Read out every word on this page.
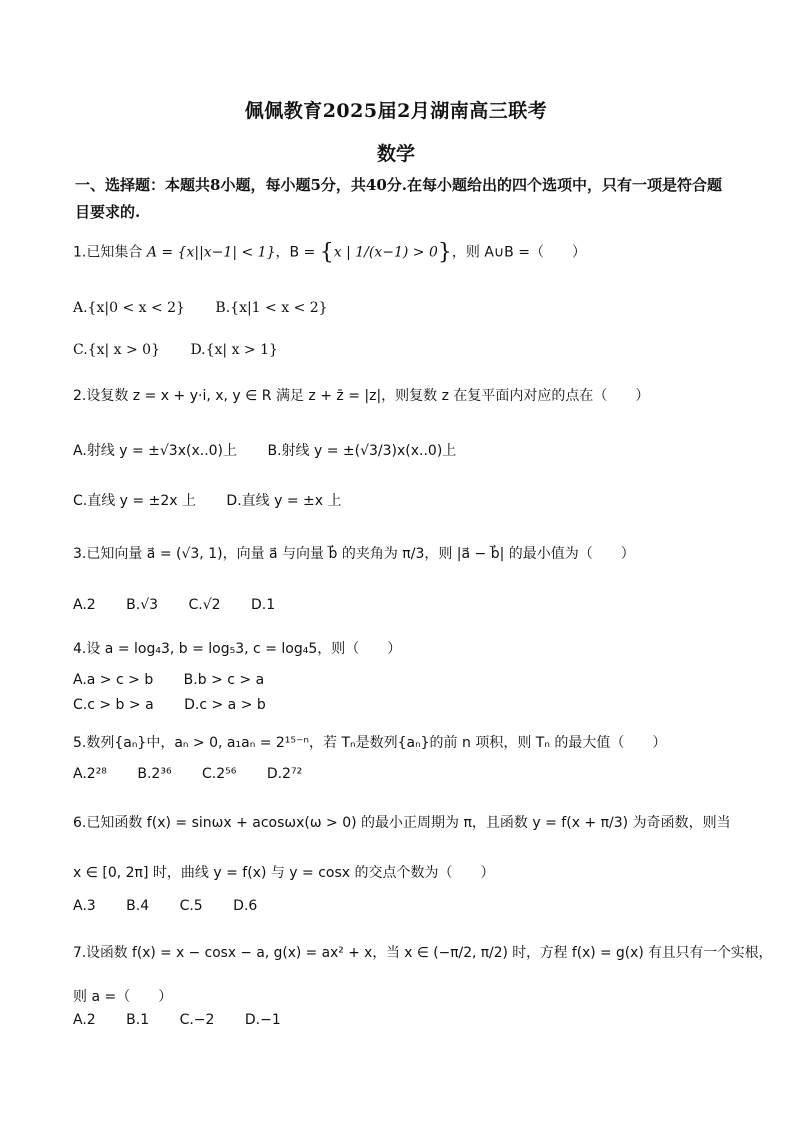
佩佩教育2025届2月湖南高三联考
数学
一、选择题：本题共8小题，每小题5分，共40分.在每小题给出的四个选项中，只有一项是符合题目要求的.
1.已知集合 A = {x||x−1| < 1}，B = {x | 1/(x−1) > 0}，则 A∪B =（　　）
A.{x|0 < x < 2} B.{x|1 < x < 2}
C.{x| x > 0} D.{x| x > 1}
2.设复数 z = x + y·i, x, y ∈ R 满足 z + z̄ = |z|，则复数 z 在复平面内对应的点在（　　）
A.射线 y = ±√3x(x..0)上 B.射线 y = ±(√3/3)x(x..0)上
C.直线 y = ±2x 上 D.直线 y = ±x 上
3.已知向量 a⃗ = (√3, 1)，向量 a⃗ 与向量 b⃗ 的夹角为 π/3，则 |a⃗ − b⃗| 的最小值为（　　）
A.2 B.√3 C.√2 D.1
4.设 a = log₄3, b = log₅3, c = log₄5，则（　　）
A.a > c > b B.b > c > a
C.c > b > a D.c > a > b
5.数列{aₙ}中，aₙ > 0, a₁aₙ = 2¹⁵⁻ⁿ，若 Tₙ是数列{aₙ}的前 n 项积，则 Tₙ 的最大值（　　）
A.2²⁸ B.2³⁶ C.2⁵⁶ D.2⁷²
6.已知函数 f(x) = sinωx + acosωx(ω > 0) 的最小正周期为 π，且函数 y = f(x + π/3) 为奇函数，则当
x ∈ [0, 2π] 时，曲线 y = f(x) 与 y = cosx 的交点个数为（　　）
A.3 B.4 C.5 D.6
7.设函数 f(x) = x − cosx − a, g(x) = ax² + x，当 x ∈ (−π/2, π/2) 时，方程 f(x) = g(x) 有且只有一个实根，
则 a =（　　）
A.2 B.1 C.−2 D.−1
